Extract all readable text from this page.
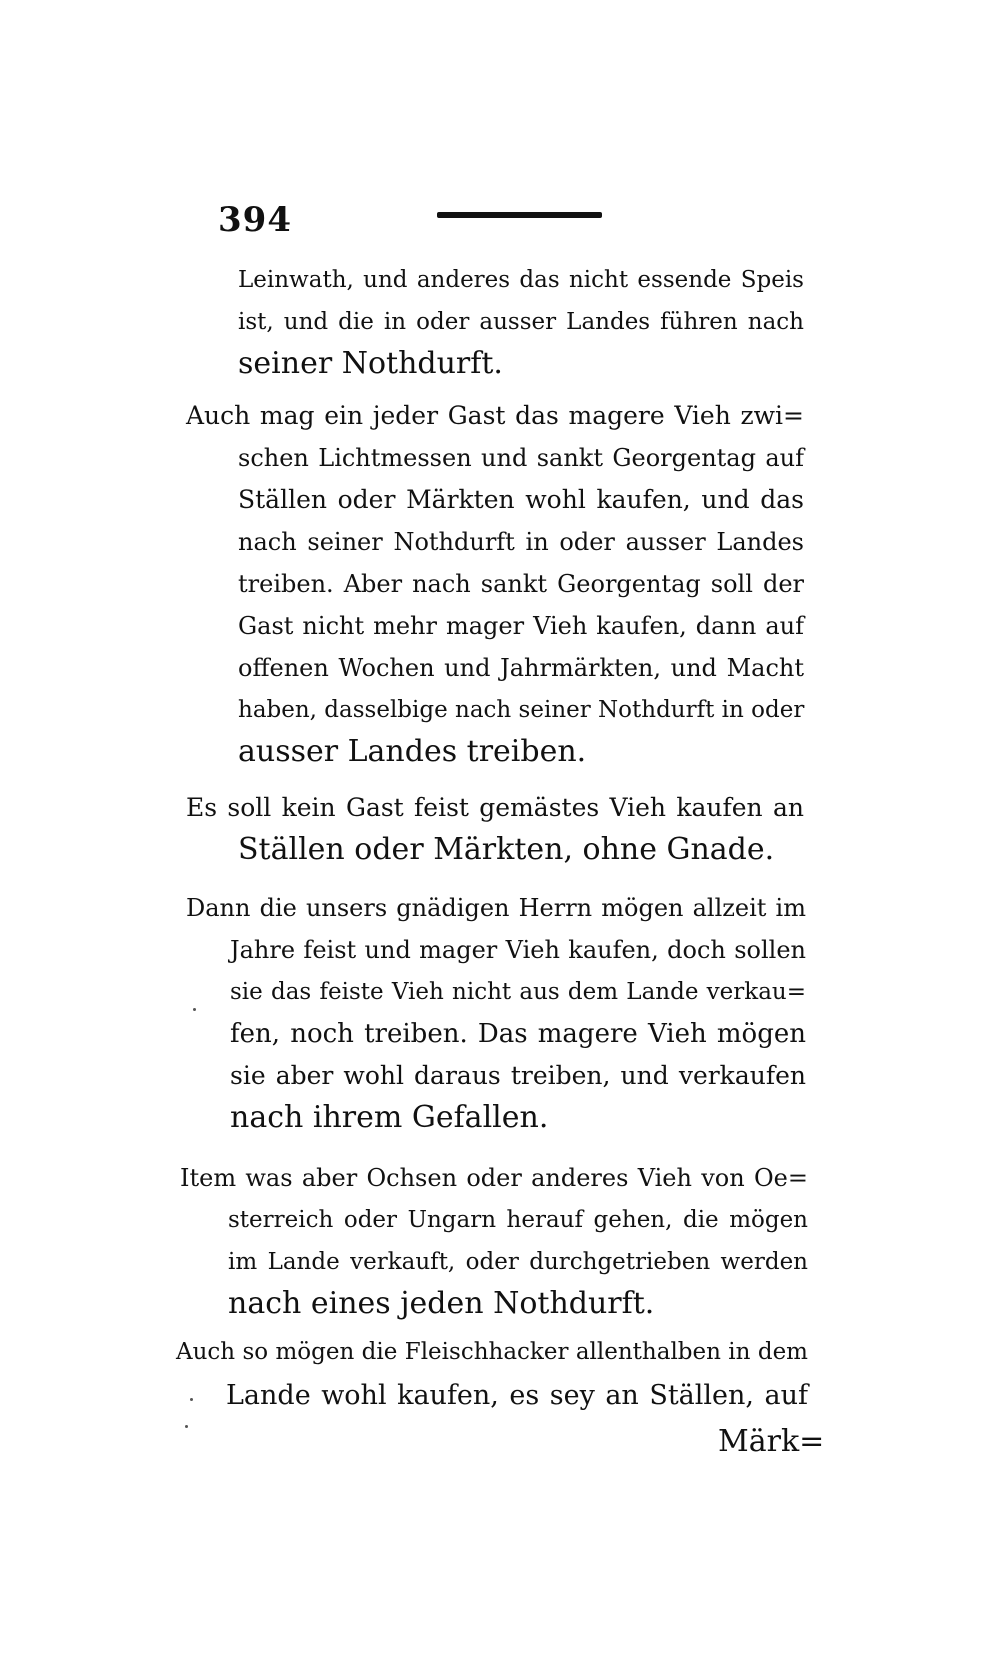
394
Leinwath, und anderes das nicht essende Speis
ist, und die in oder ausser Landes führen nach
seiner Nothdurft.
Auch mag ein jeder Gast das magere Vieh zwi=
schen Lichtmessen und sankt Georgentag auf
Ställen oder Märkten wohl kaufen, und das
nach seiner Nothdurft in oder ausser Landes
treiben. Aber nach sankt Georgentag soll der
Gast nicht mehr mager Vieh kaufen, dann auf
offenen Wochen und Jahrmärkten, und Macht
haben, dasselbige nach seiner Nothdurft in oder
ausser Landes treiben.
Es soll kein Gast feist gemästes Vieh kaufen an
Ställen oder Märkten, ohne Gnade.
Dann die unsers gnädigen Herrn mögen allzeit im
Jahre feist und mager Vieh kaufen, doch sollen
sie das feiste Vieh nicht aus dem Lande verkau=
fen, noch treiben. Das magere Vieh mögen
sie aber wohl daraus treiben, und verkaufen
nach ihrem Gefallen.
Item was aber Ochsen oder anderes Vieh von Oe=
sterreich oder Ungarn herauf gehen, die mögen
im Lande verkauft, oder durchgetrieben werden
nach eines jeden Nothdurft.
Auch so mögen die Fleischhacker allenthalben in dem
Lande wohl kaufen, es sey an Ställen, auf
Märk=
